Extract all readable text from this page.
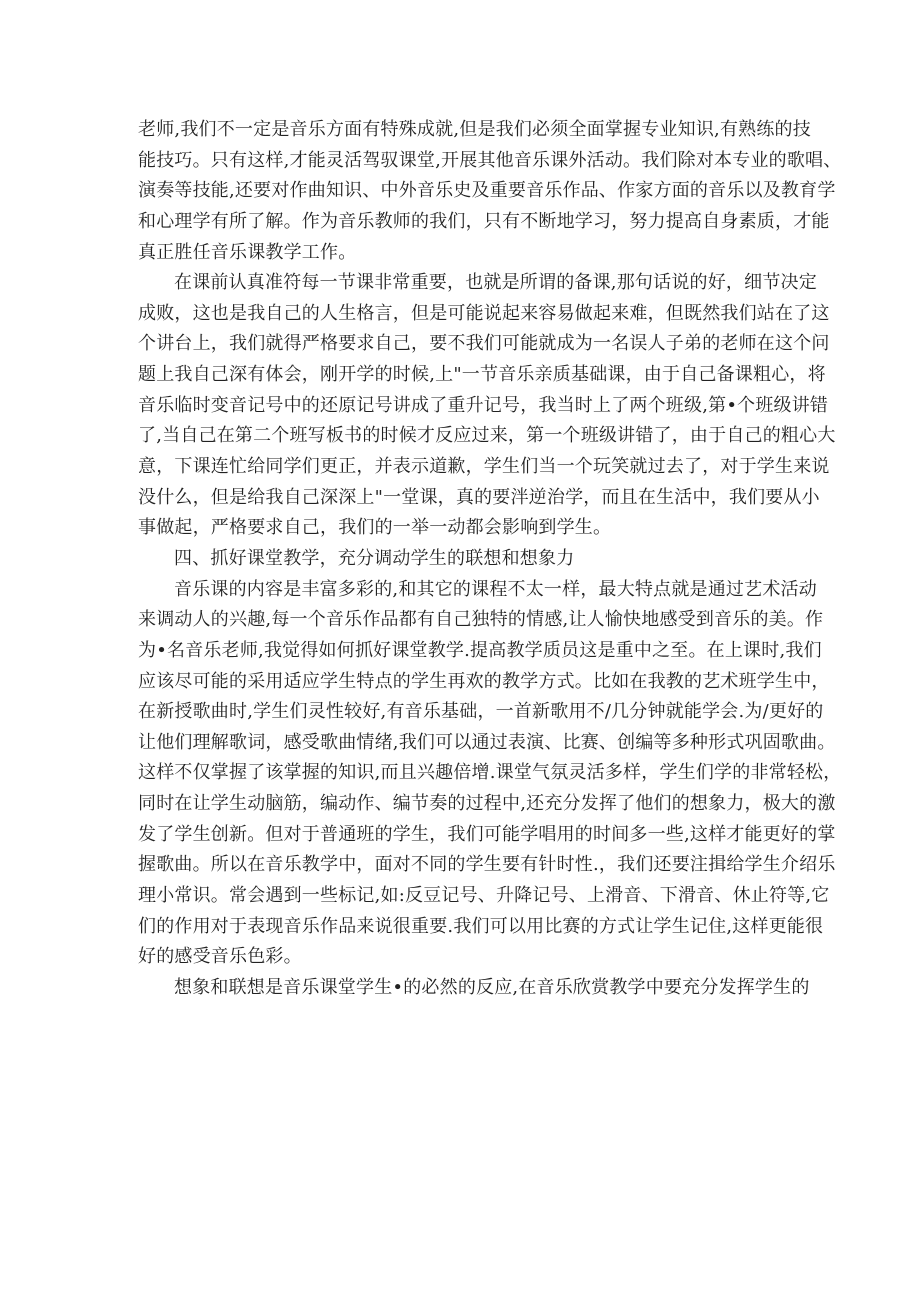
老师,我们不一定是音乐方面有特殊成就,但是我们必须全面掌握专业知识,有熟练的技
能技巧。只有这样,才能灵活驾驭课堂,开展其他音乐课外活动。我们除对本专业的歌唱、
演奏等技能,还要对作曲知识、中外音乐史及重要音乐作品、作家方面的音乐以及教育学
和心理学有所了解。作为音乐教师的我们，只有不断地学习，努力提高自身素质，才能
真正胜任音乐课教学工作。
在课前认真准符每一节课非常重要，也就是所谓的备课,那句话说的好，细节决定
成败，这也是我自己的人生格言，但是可能说起来容易做起来难，但既然我们站在了这
个讲台上，我们就得严格要求自己，要不我们可能就成为一名误人子弟的老师在这个问
题上我自己深有体会，刚开学的时候,上"一节音乐亲质基础课，由于自己备课粗心，将
音乐临时变音记号中的还原记号讲成了重升记号，我当时上了两个班级,第•个班级讲错
了,当自己在第二个班写板书的时候才反应过来，第一个班级讲错了，由于自己的粗心大
意，下课连忙给同学们更正，并表示道歉，学生们当一个玩笑就过去了，对于学生来说
没什么，但是给我自己深深上"一堂课，真的要泮逆治学，而且在生活中，我们要从小
事做起，严格要求自己，我们的一举一动都会影响到学生。
四、抓好课堂教学，充分调动学生的联想和想象力
音乐课的内容是丰富多彩的,和其它的课程不太一样，最大特点就是通过艺术活动
来调动人的兴趣,每一个音乐作品都有自己独特的情感,让人愉快地感受到音乐的美。作
为•名音乐老师,我觉得如何抓好课堂教学.提高教学质员这是重中之至。在上课时,我们
应该尽可能的采用适应学生特点的学生再欢的教学方式。比如在我教的艺术班学生中，
在新授歌曲时,学生们灵性较好,有音乐基础，一首新歌用不/几分钟就能学会.为/更好的
让他们理解歌词，感受歌曲情绪,我们可以通过表演、比赛、创编等多种形式巩固歌曲。
这样不仅掌握了该掌握的知识,而且兴趣倍增.课堂气氛灵活多样，学生们学的非常轻松，
同时在让学生动脑筋，编动作、编节奏的过程中,还充分发挥了他们的想象力，极大的激
发了学生创新。但对于普通班的学生，我们可能学唱用的时间多一些,这样才能更好的掌
握歌曲。所以在音乐教学中，面对不同的学生要有针时性.，我们还要注揖给学生介绍乐
理小常识。常会遇到一些标记,如:反豆记号、升降记号、上滑音、下滑音、休止符等,它
们的作用对于表现音乐作品来说很重要.我们可以用比赛的方式让学生记住,这样更能很
好的感受音乐色彩。
想象和联想是音乐课堂学生•的必然的反应,在音乐欣赏教学中要充分发挥学生的
